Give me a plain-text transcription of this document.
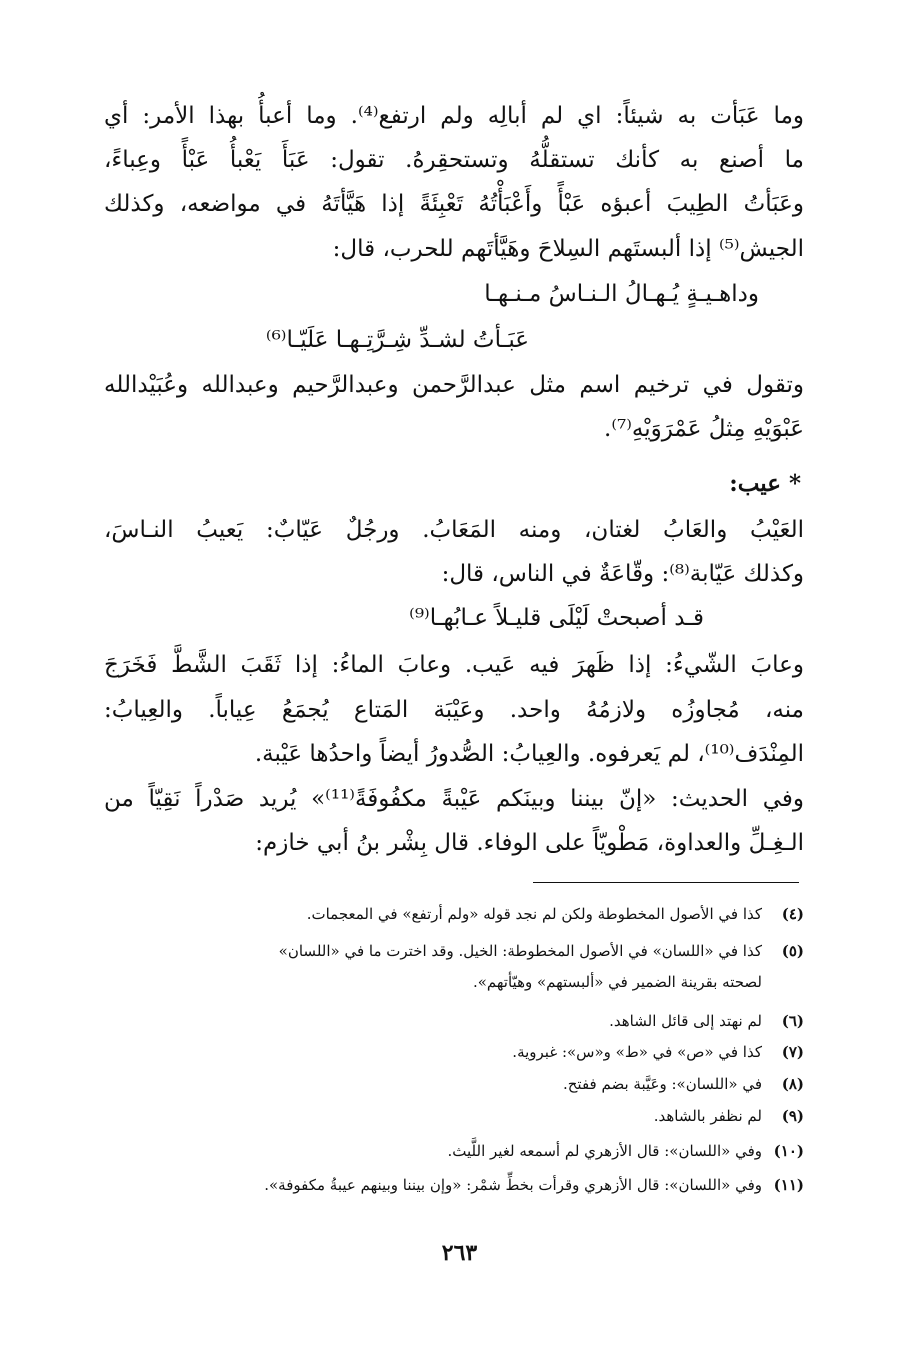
وما عَبَأت به شيئاً: اي لم أبالِه ولم ارتفع⁽⁴⁾. وما أعبأُ بهذا الأمر: أي
ما أصنع به كأنك تستقلُّهُ وتستحقِرهُ. تقول: عَبَأَ يَعْبأُ عَبْأً وعِباءً،
وعَبَأتُ الطِيبَ أعبؤه عَبْأً وأَعْبَأْتُهُ تَعْبِئَةً إذا هَيَّأتَهُ في مواضعه، وكذلك
الجيش⁽⁵⁾ إذا ألبستَهم السِلاحَ وهَيَّأتَهم للحرب، قال:
وداهـيـةٍ يُـهـالُ الـنـاسُ مـنـهـا
عَبَـأتُ لشـدِّ شِـرَّتِـهـا عَلَيّـا⁽⁶⁾
وتقول في ترخيم اسم مثل عبدالرَّحمن وعبدالرَّحيم وعبدالله وعُبَيْدالله
عَبْوَيْهِ مِثلُ عَمْرَوَيْهِ⁽⁷⁾.
* عيب:
العَيْبُ والعَابُ لغتان، ومنه المَعَابُ. ورجُلٌ عَيّابٌ: يَعيبُ النـاسَ،
وكذلك عَيّابة⁽⁸⁾: وقّاعَةٌ في الناس، قال:
قـد أصبحتْ لَيْلَى قليـلاً عـابُهـا⁽⁹⁾
وعابَ الشّيءُ: إذا ظَهرَ فيه عَيب. وعابَ الماءُ: إذا ثَقَبَ الشَّطَّ فَخَرَجَ
منه، مُجاوزُه ولازمُهُ واحد. وعَيْبَة المَتاع يُجمَعُ عِياباً. والعِيابُ:
المِنْدَف⁽¹⁰⁾، لم يَعرفوه. والعِيابُ: الصُّدورُ أيضاً واحدُها عَيْبة.
وفي الحديث: «إنّ بيننا وبينَكم عَيْبةً مكفُوفَةً⁽¹¹⁾» يُريد صَدْراً نَقِيّاً من
الـغِـلِّ والعداوة، مَطْويّاً على الوفاء. قال بِشْر بنُ أبي خازم:
(٤)كذا في الأصول المخطوطة ولكن لم نجد قوله «ولم أرتفع» في المعجمات.
(٥)كذا في «اللسان» في الأصول المخطوطة: الخيل. وقد اخترت ما في «اللسان»
لصحته بقرينة الضمير في «ألبستهم» وهيّأتهم».
(٦)لم نهتد إلى قائل الشاهد.
(٧)كذا في «ص» في «ط» و«س»: غبروية.
(٨)في «اللسان»: وعَيَّبة بضم ففتح.
(٩)لم نظفر بالشاهد.
(١٠)وفي «اللسان»: قال الأزهري لم أسمعه لغير اللَّيث.
(١١)وفي «اللسان»: قال الأزهري وقرأت بخطِّ شمْر: «وإن بيننا وبينهم عيبةُ مكفوفة».
٢٦٣
